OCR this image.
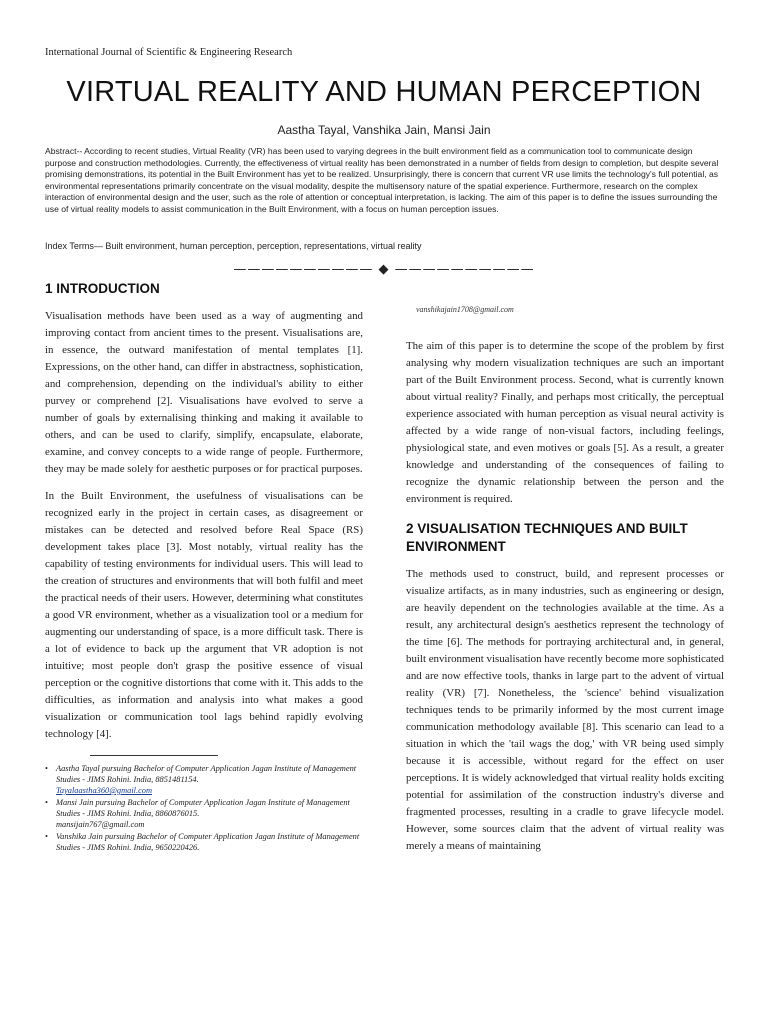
International Journal of Scientific & Engineering Research
VIRTUAL REALITY AND HUMAN PERCEPTION
Aastha Tayal, Vanshika Jain, Mansi Jain

Abstract-- According to recent studies, Virtual Reality (VR) has been used to varying degrees in the built environment field as a communication tool to communicate design purpose and construction methodologies. Currently, the effectiveness of virtual reality has been demonstrated in a number of fields from design to completion, but despite several promising demonstrations, its potential in the Built Environment has yet to be realized. Unsurprisingly, there is concern that current VR use limits the technology's full potential, as environmental representations primarily concentrate on the visual modality, despite the multisensory nature of the spatial experience. Furthermore, research on the complex interaction of environmental design and the user, such as the role of attention or conceptual interpretation, is lacking. The aim of this paper is to define the issues surrounding the use of virtual reality models to assist communication in the Built Environment, with a focus on human perception issues.

Index Terms— Built environment, human perception, perception, representations, virtual reality

—————————— ◆ ——————————
1 INTRODUCTION

Visualisation methods have been used as a way of augmenting and improving contact from ancient times to the present. Visualisations are, in essence, the outward manifestation of mental templates [1]. Expressions, on the other hand, can differ in abstractness, sophistication, and comprehension, depending on the individual's ability to either purvey or comprehend [2]. Visualisations have evolved to serve a number of goals by externalising thinking and making it available to others, and can be used to clarify, simplify, encapsulate, elaborate, examine, and convey concepts to a wide range of people. Furthermore, they may be made solely for aesthetic purposes or for practical purposes.

In the Built Environment, the usefulness of visualisations can be recognized early in the project in certain cases, as disagreement or mistakes can be detected and resolved before Real Space (RS) development takes place [3]. Most notably, virtual reality has the capability of testing environments for individual users. This will lead to the creation of structures and environments that will both fulfil and meet the practical needs of their users. However, determining what constitutes a good VR environment, whether as a visualization tool or a medium for augmenting our understanding of space, is a more difficult task. There is a lot of evidence to back up the argument that VR adoption is not intuitive; most people don't grasp the positive essence of visual perception or the cognitive distortions that come with it. This adds to the difficulties, as information and analysis into what makes a good visualization or communication tool lags behind rapidly evolving technology [4].

• Aastha Tayal pursuing Bachelor of Computer Application Jagan Institute of Management Studies - JIMS Rohini. India, 8851481154.
Tayalaastha360@gmail.com
• Mansi Jain pursuing Bachelor of Computer Application Jagan Institute of Management Studies - JIMS Rohini. India, 8860876015.
mansijain767@gmail.com
• Vanshika Jain pursuing Bachelor of Computer Application Jagan Institute of Management Studies - JIMS Rohini. India, 9650220426.

vanshikajain1708@gmail.com

The aim of this paper is to determine the scope of the problem by first analysing why modern visualization techniques are such an important part of the Built Environment process. Second, what is currently known about virtual reality? Finally, and perhaps most critically, the perceptual experience associated with human perception as visual neural activity is affected by a wide range of non-visual factors, including feelings, physiological state, and even motives or goals [5]. As a result, a greater knowledge and understanding of the consequences of failing to recognize the dynamic relationship between the person and the environment is required.

2 VISUALISATION TECHNIQUES AND BUILT ENVIRONMENT

The methods used to construct, build, and represent processes or visualize artifacts, as in many industries, such as engineering or design, are heavily dependent on the technologies available at the time. As a result, any architectural design's aesthetics represent the technology of the time [6]. The methods for portraying architectural and, in general, built environment visualisation have recently become more sophisticated and are now effective tools, thanks in large part to the advent of virtual reality (VR) [7]. Nonetheless, the 'science' behind visualization techniques tends to be primarily informed by the most current image communication methodology available [8]. This scenario can lead to a situation in which the 'tail wags the dog,' with VR being used simply because it is accessible, without regard for the effect on user perceptions. It is widely acknowledged that virtual reality holds exciting potential for assimilation of the construction industry's diverse and fragmented processes, resulting in a cradle to grave lifecycle model. However, some sources claim that the advent of virtual reality was merely a means of maintaining
